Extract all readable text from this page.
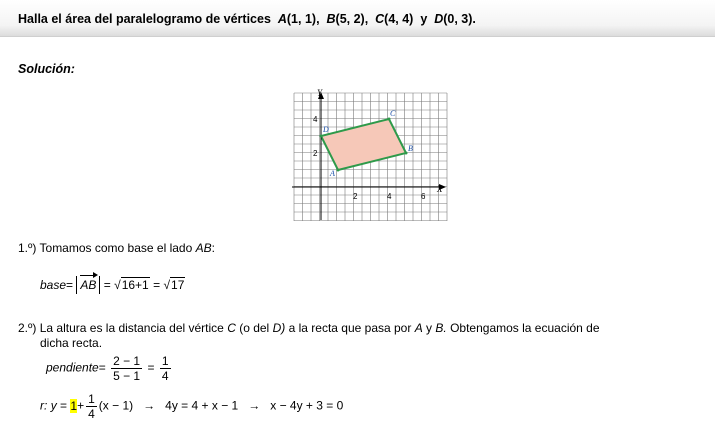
Halla el área del paralelogramo de vértices A(1, 1), B(5, 2), C(4, 4) y D(0, 3).
Solución:
Y
X
2	4	6
2
4
A
B
C
D
1.º) Tomamos como base el lado AB:
base= AB = √16+1 = √17
2.º) La altura es la distancia del vértice C (o del D) a la recta que pasa por A y B. Obtengamos la ecuación de
dicha recta.
pendiente= $\frac{2 - 1}{5 - 1} = \frac{1}{4}$
r: $y = 1+ \frac{1}{4} (x - 1) \to 4y = 4 + x - 1 \to x - 4y + 3 = 0$
